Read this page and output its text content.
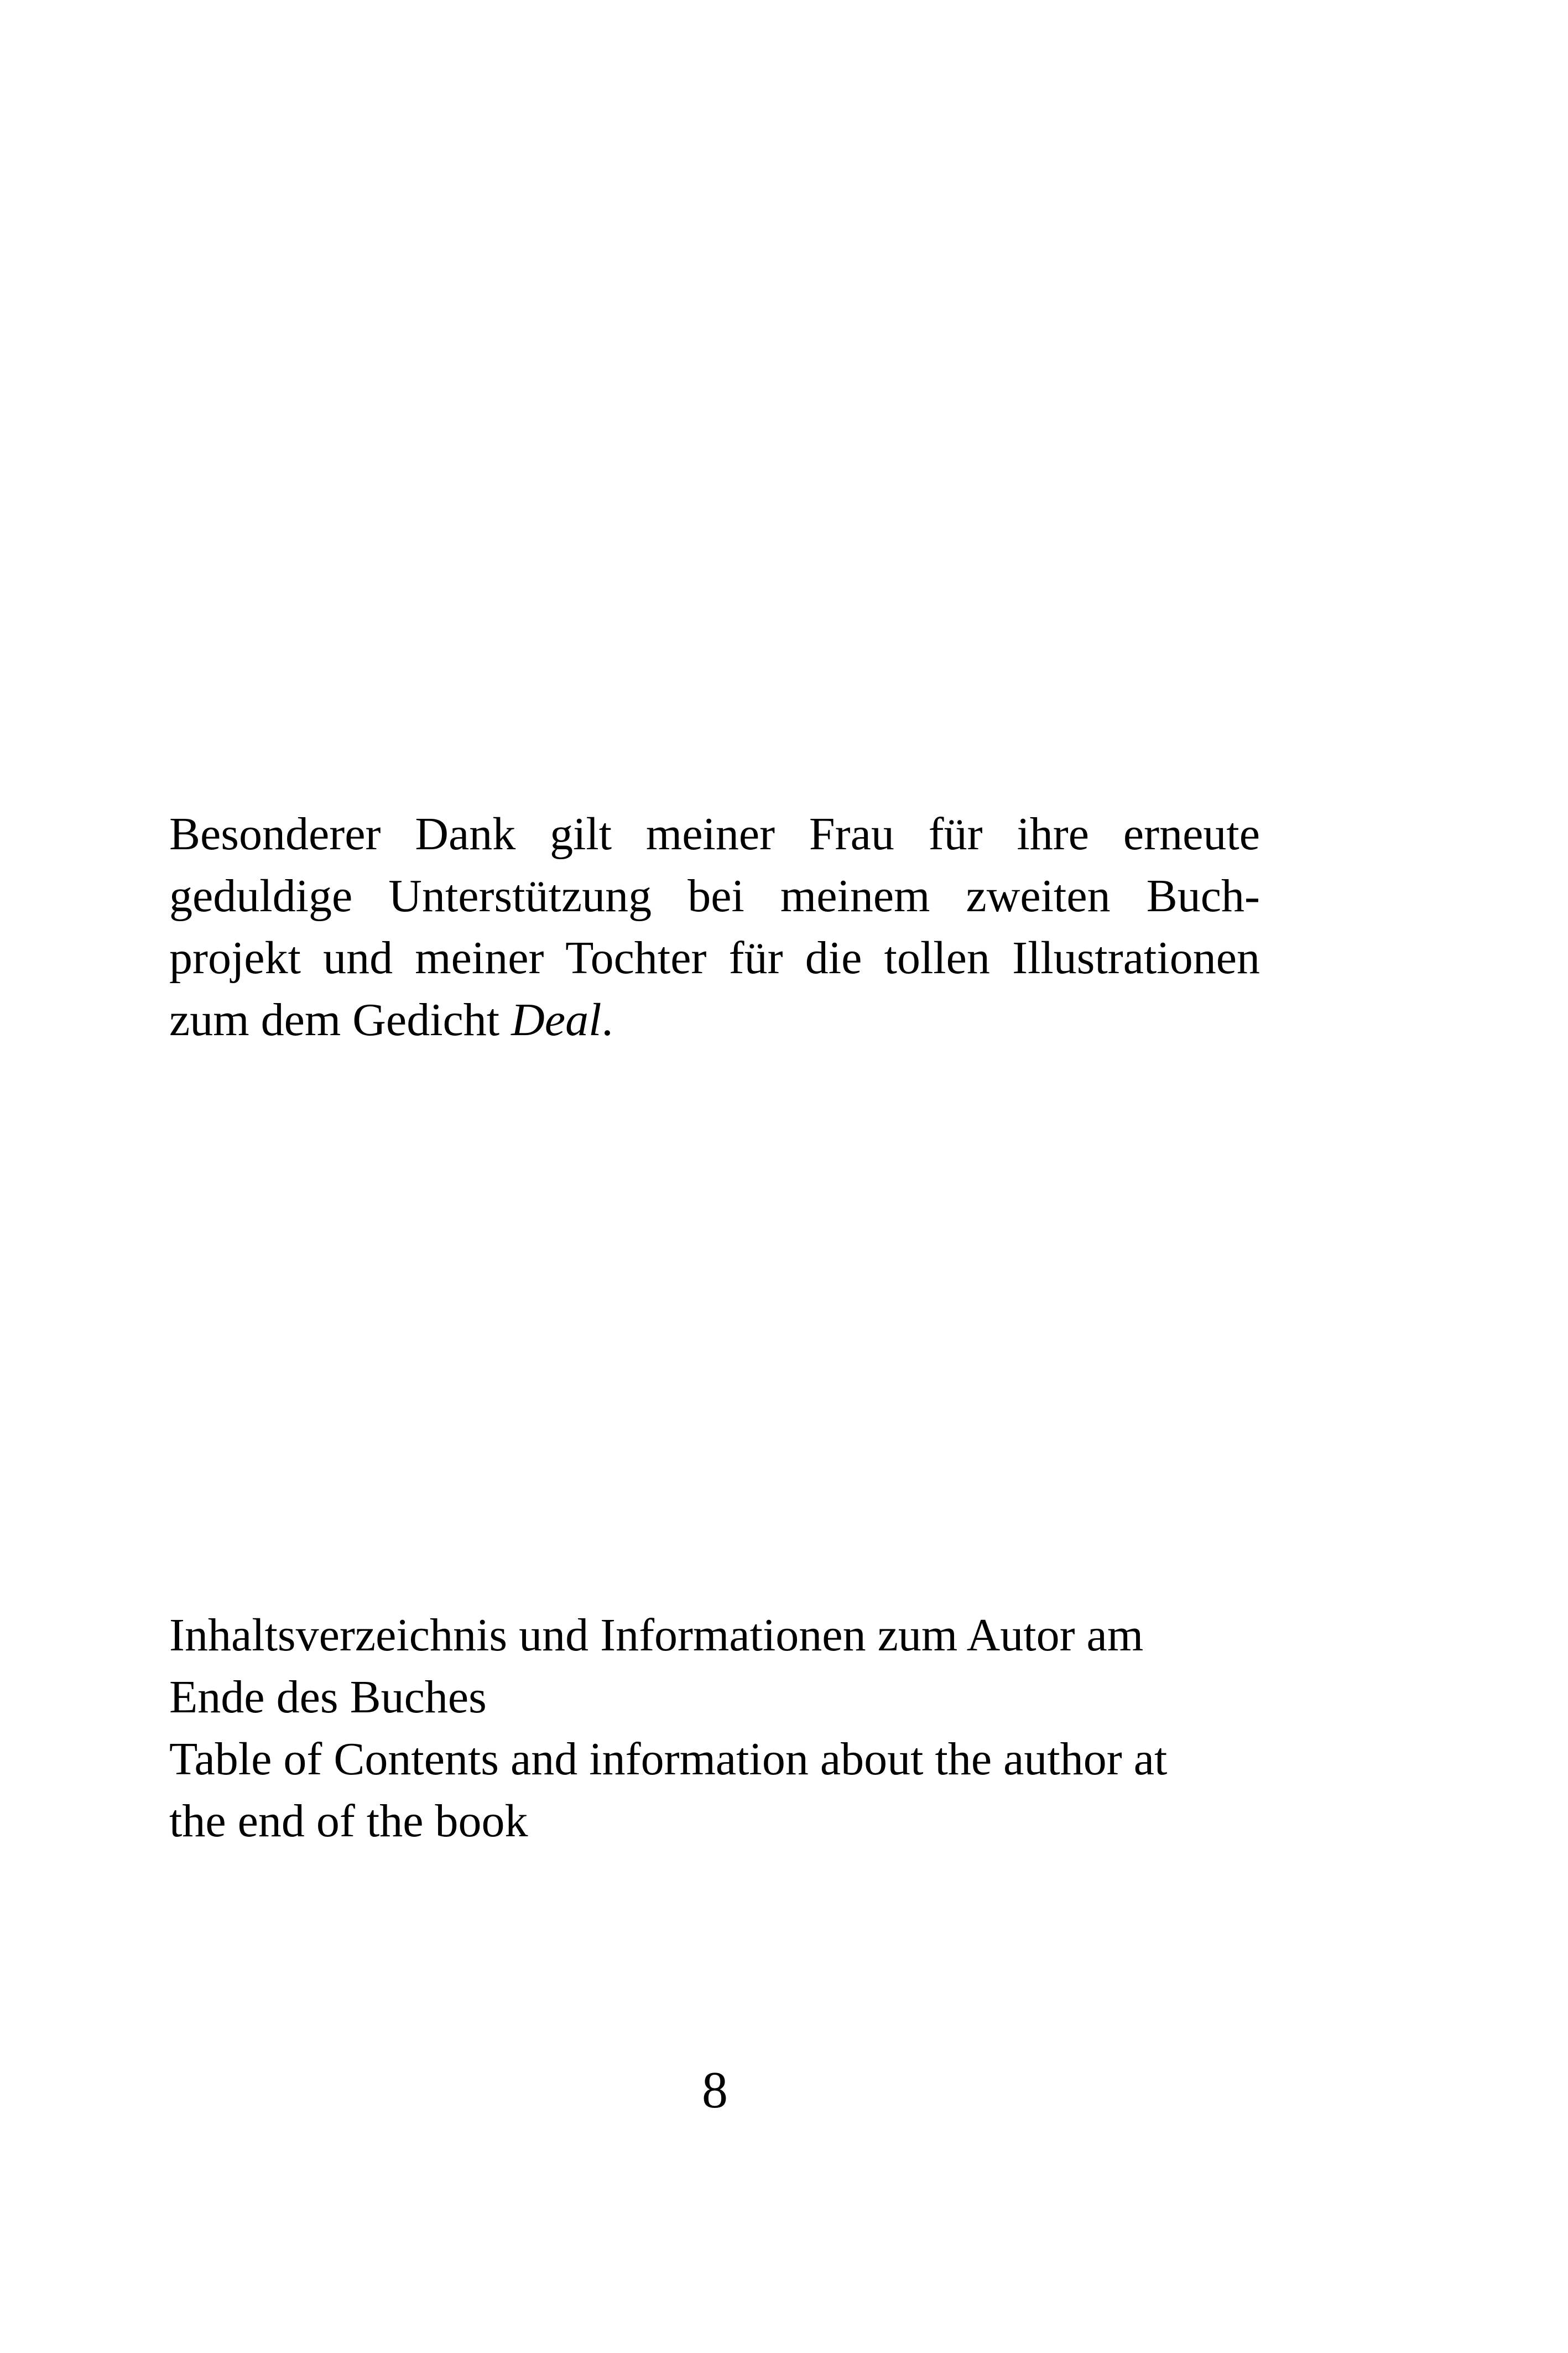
Besonderer Dank gilt meiner Frau für ihre erneute
geduldige Unterstützung bei meinem zweiten Buch-
projekt und meiner Tochter für die tollen Illustrationen
zum dem Gedicht Deal.
Inhaltsverzeichnis und Informationen zum Autor am
Ende des Buches
Table of Contents and information about the author at
the end of the book
8
